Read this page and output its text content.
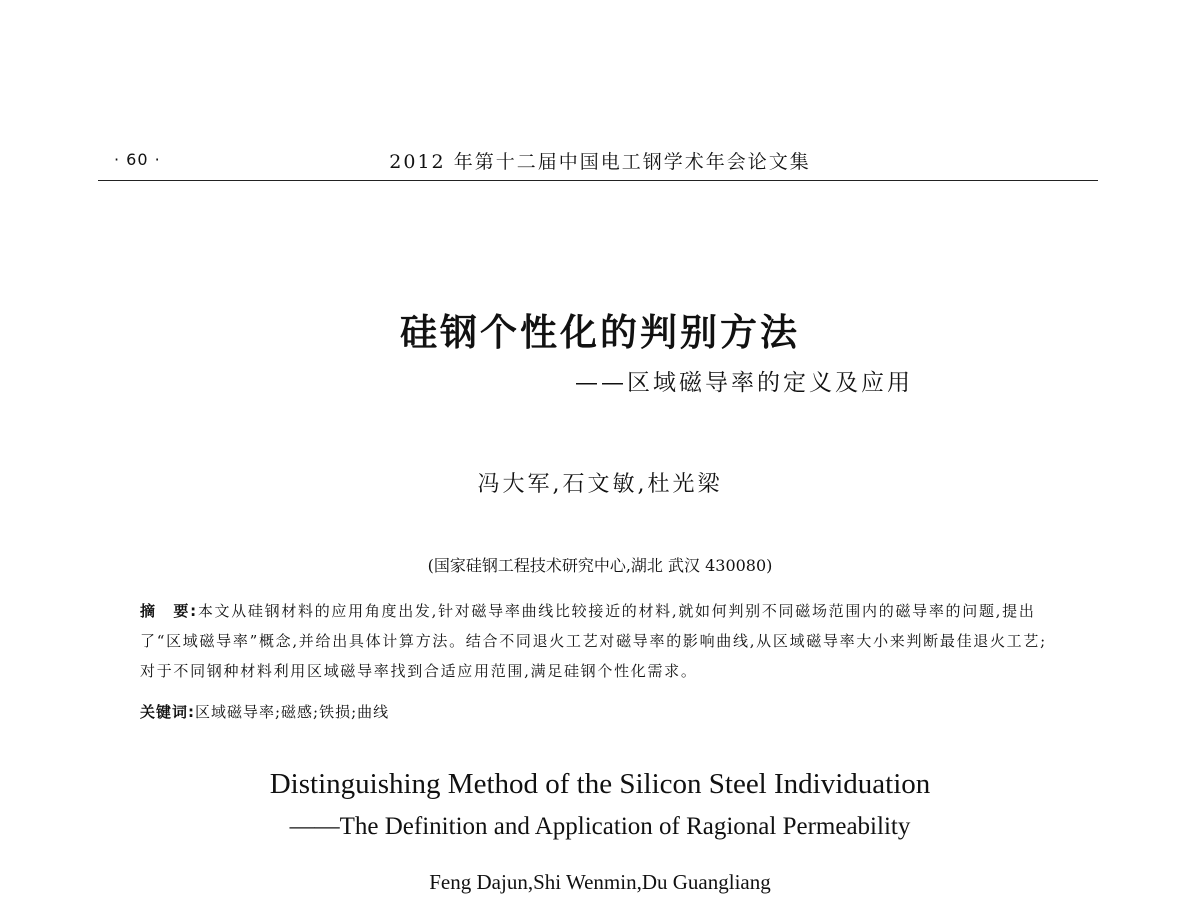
· 60 ·	2012 年第十二届中国电工钢学术年会论文集
硅钢个性化的判别方法
——区域磁导率的定义及应用
冯大军,石文敏,杜光梁
(国家硅钢工程技术研究中心,湖北 武汉 430080)
摘　要:本文从硅钢材料的应用角度出发,针对磁导率曲线比较接近的材料,就如何判别不同磁场范围内的磁导率的问题,提出了“区域磁导率”概念,并给出具体计算方法。结合不同退火工艺对磁导率的影响曲线,从区域磁导率大小来判断最佳退火工艺;对于不同钢种材料利用区域磁导率找到合适应用范围,满足硅钢个性化需求。
关键词:区域磁导率;磁感;铁损;曲线
Distinguishing Method of the Silicon Steel Individuation
——The Definition and Application of Ragional Permeability
Feng Dajun,Shi Wenmin,Du Guangliang
